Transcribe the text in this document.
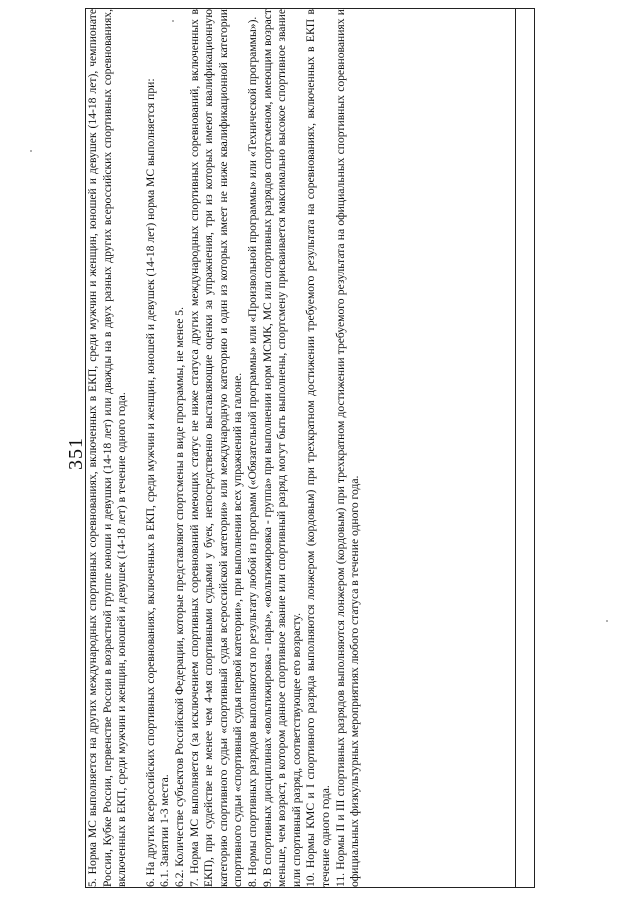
351 5. Норма МС выполняется на других международных спортивных соревнованиях, включенных в ЕКП, среди мужчин и женщин, юношей и девушек (14-18 лет), чемпионате России, Кубке России, первенстве России в возрастной группе юноши и девушки (14-18 лет) или дважды на в двух разных других всероссийских спортивных соревнованиях, включенных в ЕКП, среди мужчин и женщин, юношей и девушек (14-18 лет) в течение одного года. 6. На других всероссийских спортивных соревнованиях, включенных в ЕКП, среди мужчин и женщин, юношей и девушек (14-18 лет) норма МС выполняется при: 6.1. Занятии 1-3 места. 6.2. Количестве субъектов Российской Федерации, которые представляют спортсмены в виде программы, не менее 5. 7. Норма МС выполняется (за исключением спортивных соревнований имеющих статус не ниже статуса других международных спортивных соревнований, включенных в ЕКП), при судействе не менее чем 4-мя спортивными судьями у буек, непосредственно выставляющие оценки за упражнения, три из которых имеют квалификационную категорию спортивного судьи «спортивный судья всероссийской категории» или международную категорию и один из которых имеет не ниже квалификационной категории спортивного судьи «спортивный судья первой категории», при выполнении всех упражнений на галоне. 8. Нормы спортивных разрядов выполняются по результату любой из программ («Обязательной программы» или «Произвольной программы» или «Технической программы»). 9. В спортивных дисциплинах «вольтижировка - пары», «вольтижировка - группа» при выполнении норм МСМК, МС или спортивных разрядов спортсменом, имеющим возраст меньше, чем возраст, в котором данное спортивное звание или спортивный разряд могут быть выполнены, спортсмену присваивается максимально высокое спортивное звание или спортивный разряд, соответствующее его возрасту. 10. Нормы КМС и I спортивного разряда выполняются лонжером (кордовым) при трехкратном достижении требуемого результата на соревнованиях, включенных в ЕКП в течение одного года. 11. Нормы II и III спортивных разрядов выполняются лонжером (кордовым) при трехкратном достижении требуемого результата на официальных спортивных соревнованиях и официальных физкультурных мероприятиях любого статуса в течение одного года.
